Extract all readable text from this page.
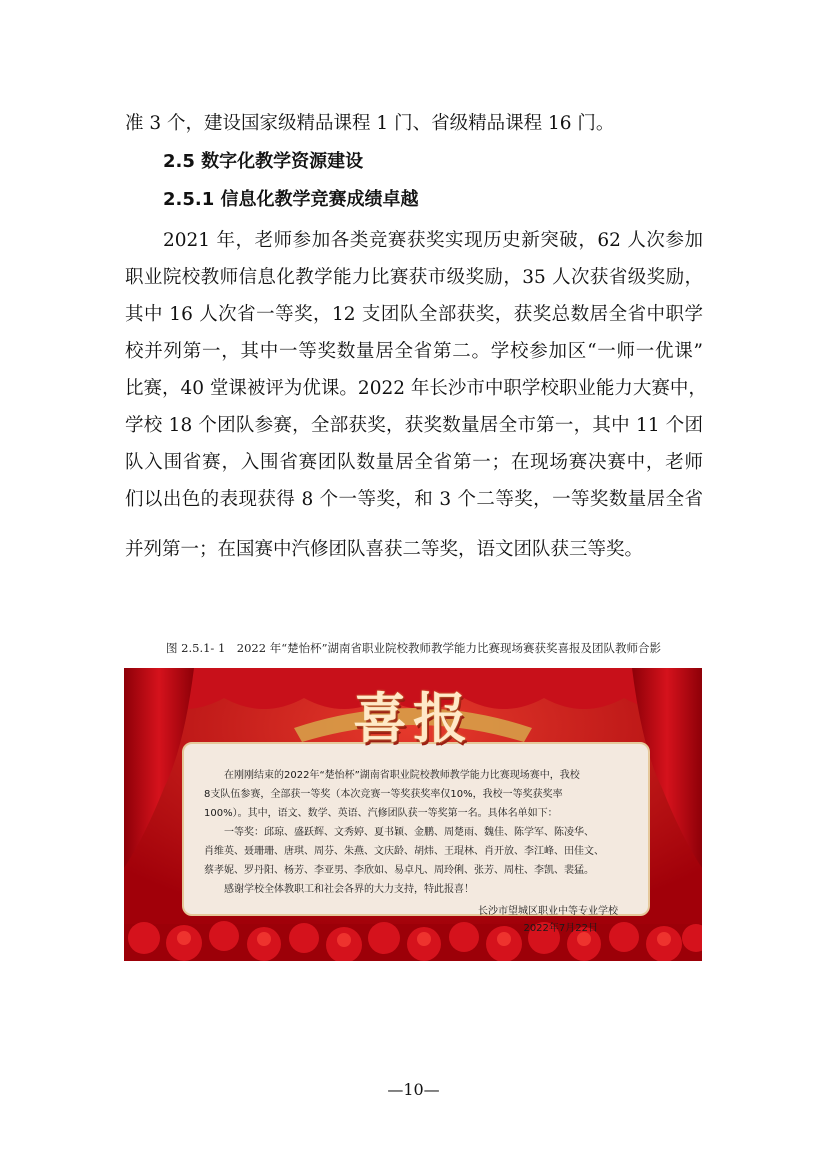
准 3 个，建设国家级精品课程 1 门、省级精品课程 16 门。
2.5 数字化教学资源建设
2.5.1 信息化教学竞赛成绩卓越
2021 年，老师参加各类竞赛获奖实现历史新突破，62 人次参加
职业院校教师信息化教学能力比赛获市级奖励，35 人次获省级奖励，
其中 16 人次省一等奖，12 支团队全部获奖，获奖总数居全省中职学
校并列第一，其中一等奖数量居全省第二。学校参加区“一师一优课”
比赛，40 堂课被评为优课。2022 年长沙市中职学校职业能力大赛中，
学校 18 个团队参赛，全部获奖，获奖数量居全市第一，其中 11 个团
队入围省赛，入围省赛团队数量居全省第一；在现场赛决赛中，老师
们以出色的表现获得 8 个一等奖，和 3 个二等奖，一等奖数量居全省
并列第一；在国赛中汽修团队喜获二等奖，语文团队获三等奖。
图 2.5.1- 1　2022 年“楚怡杯”湖南省职业院校教师教学能力比赛现场赛获奖喜报及团队教师合影
喜报
　　在刚刚结束的2022年“楚怡杯”湖南省职业院校教师教学能力比赛现场赛中，我校
8支队伍参赛，全部获一等奖（本次竞赛一等奖获奖率仅10%，我校一等奖获奖率
100%）。其中，语文、数学、英语、汽修团队获一等奖第一名。具体名单如下：
　　一等奖：邱琼、盛跃辉、文秀婷、夏书颖、金鹏、周楚雨、魏佳、陈学军、陈凌华、
肖维英、聂珊珊、唐琪、周芬、朱燕、文庆龄、胡炜、王琨林、肖开放、李江峰、田佳文、
蔡孝妮、罗丹阳、杨芳、李亚男、李欣如、易卓凡、周玲俐、张芳、周柱、李凯、裴猛。
　　感谢学校全体教职工和社会各界的大力支持，特此报喜！
长沙市望城区职业中等专业学校
2022年7月22日
—10—
